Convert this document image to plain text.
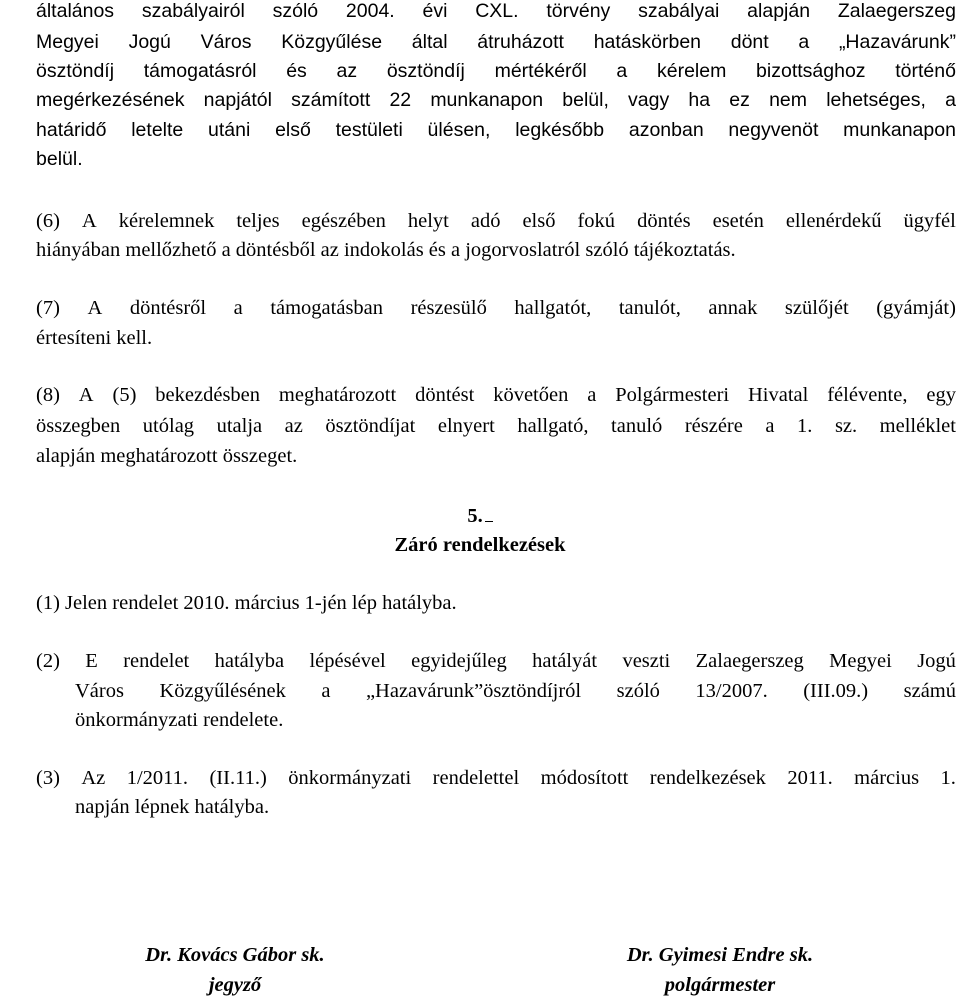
általános szabályairól szóló 2004. évi CXL. törvény szabályai alapján Zalaegerszeg
Megyei Jogú Város Közgyűlése által átruházott hatáskörben dönt a „Hazavárunk”
ösztöndíj támogatásról és az ösztöndíj mértékéről a kérelem bizottsághoz történő
megérkezésének napjától számított 22 munkanapon belül, vagy ha ez nem lehetséges, a
határidő letelte utáni első testületi ülésen, legkésőbb azonban negyvenöt munkanapon
belül.
(6) A kérelemnek teljes egészében helyt adó első fokú döntés esetén ellenérdekű ügyfél
hiányában mellőzhető a döntésből az indokolás és a jogorvoslatról szóló tájékoztatás.
(7) A döntésről a támogatásban részesülő hallgatót, tanulót, annak szülőjét (gyámját)
értesíteni kell.
(8) A (5) bekezdésben meghatározott döntést követően a Polgármesteri Hivatal félévente, egy
összegben utólag utalja az ösztöndíjat elnyert hallgató, tanuló részére a 1. sz. melléklet
alapján meghatározott összeget.
5.
Záró rendelkezések
(1) Jelen rendelet 2010. március 1-jén lép hatályba.
(2) E rendelet hatályba lépésével egyidejűleg hatályát veszti Zalaegerszeg Megyei Jogú
Város Közgyűlésének a „Hazavárunk”ösztöndíjról szóló 13/2007. (III.09.) számú
önkormányzati rendelete.
(3) Az 1/2011. (II.11.) önkormányzati rendelettel módosított rendelkezések 2011. március 1.
napján lépnek hatályba.
Dr. Kovács Gábor sk.
jegyző
Dr. Gyimesi Endre sk.
polgármester
